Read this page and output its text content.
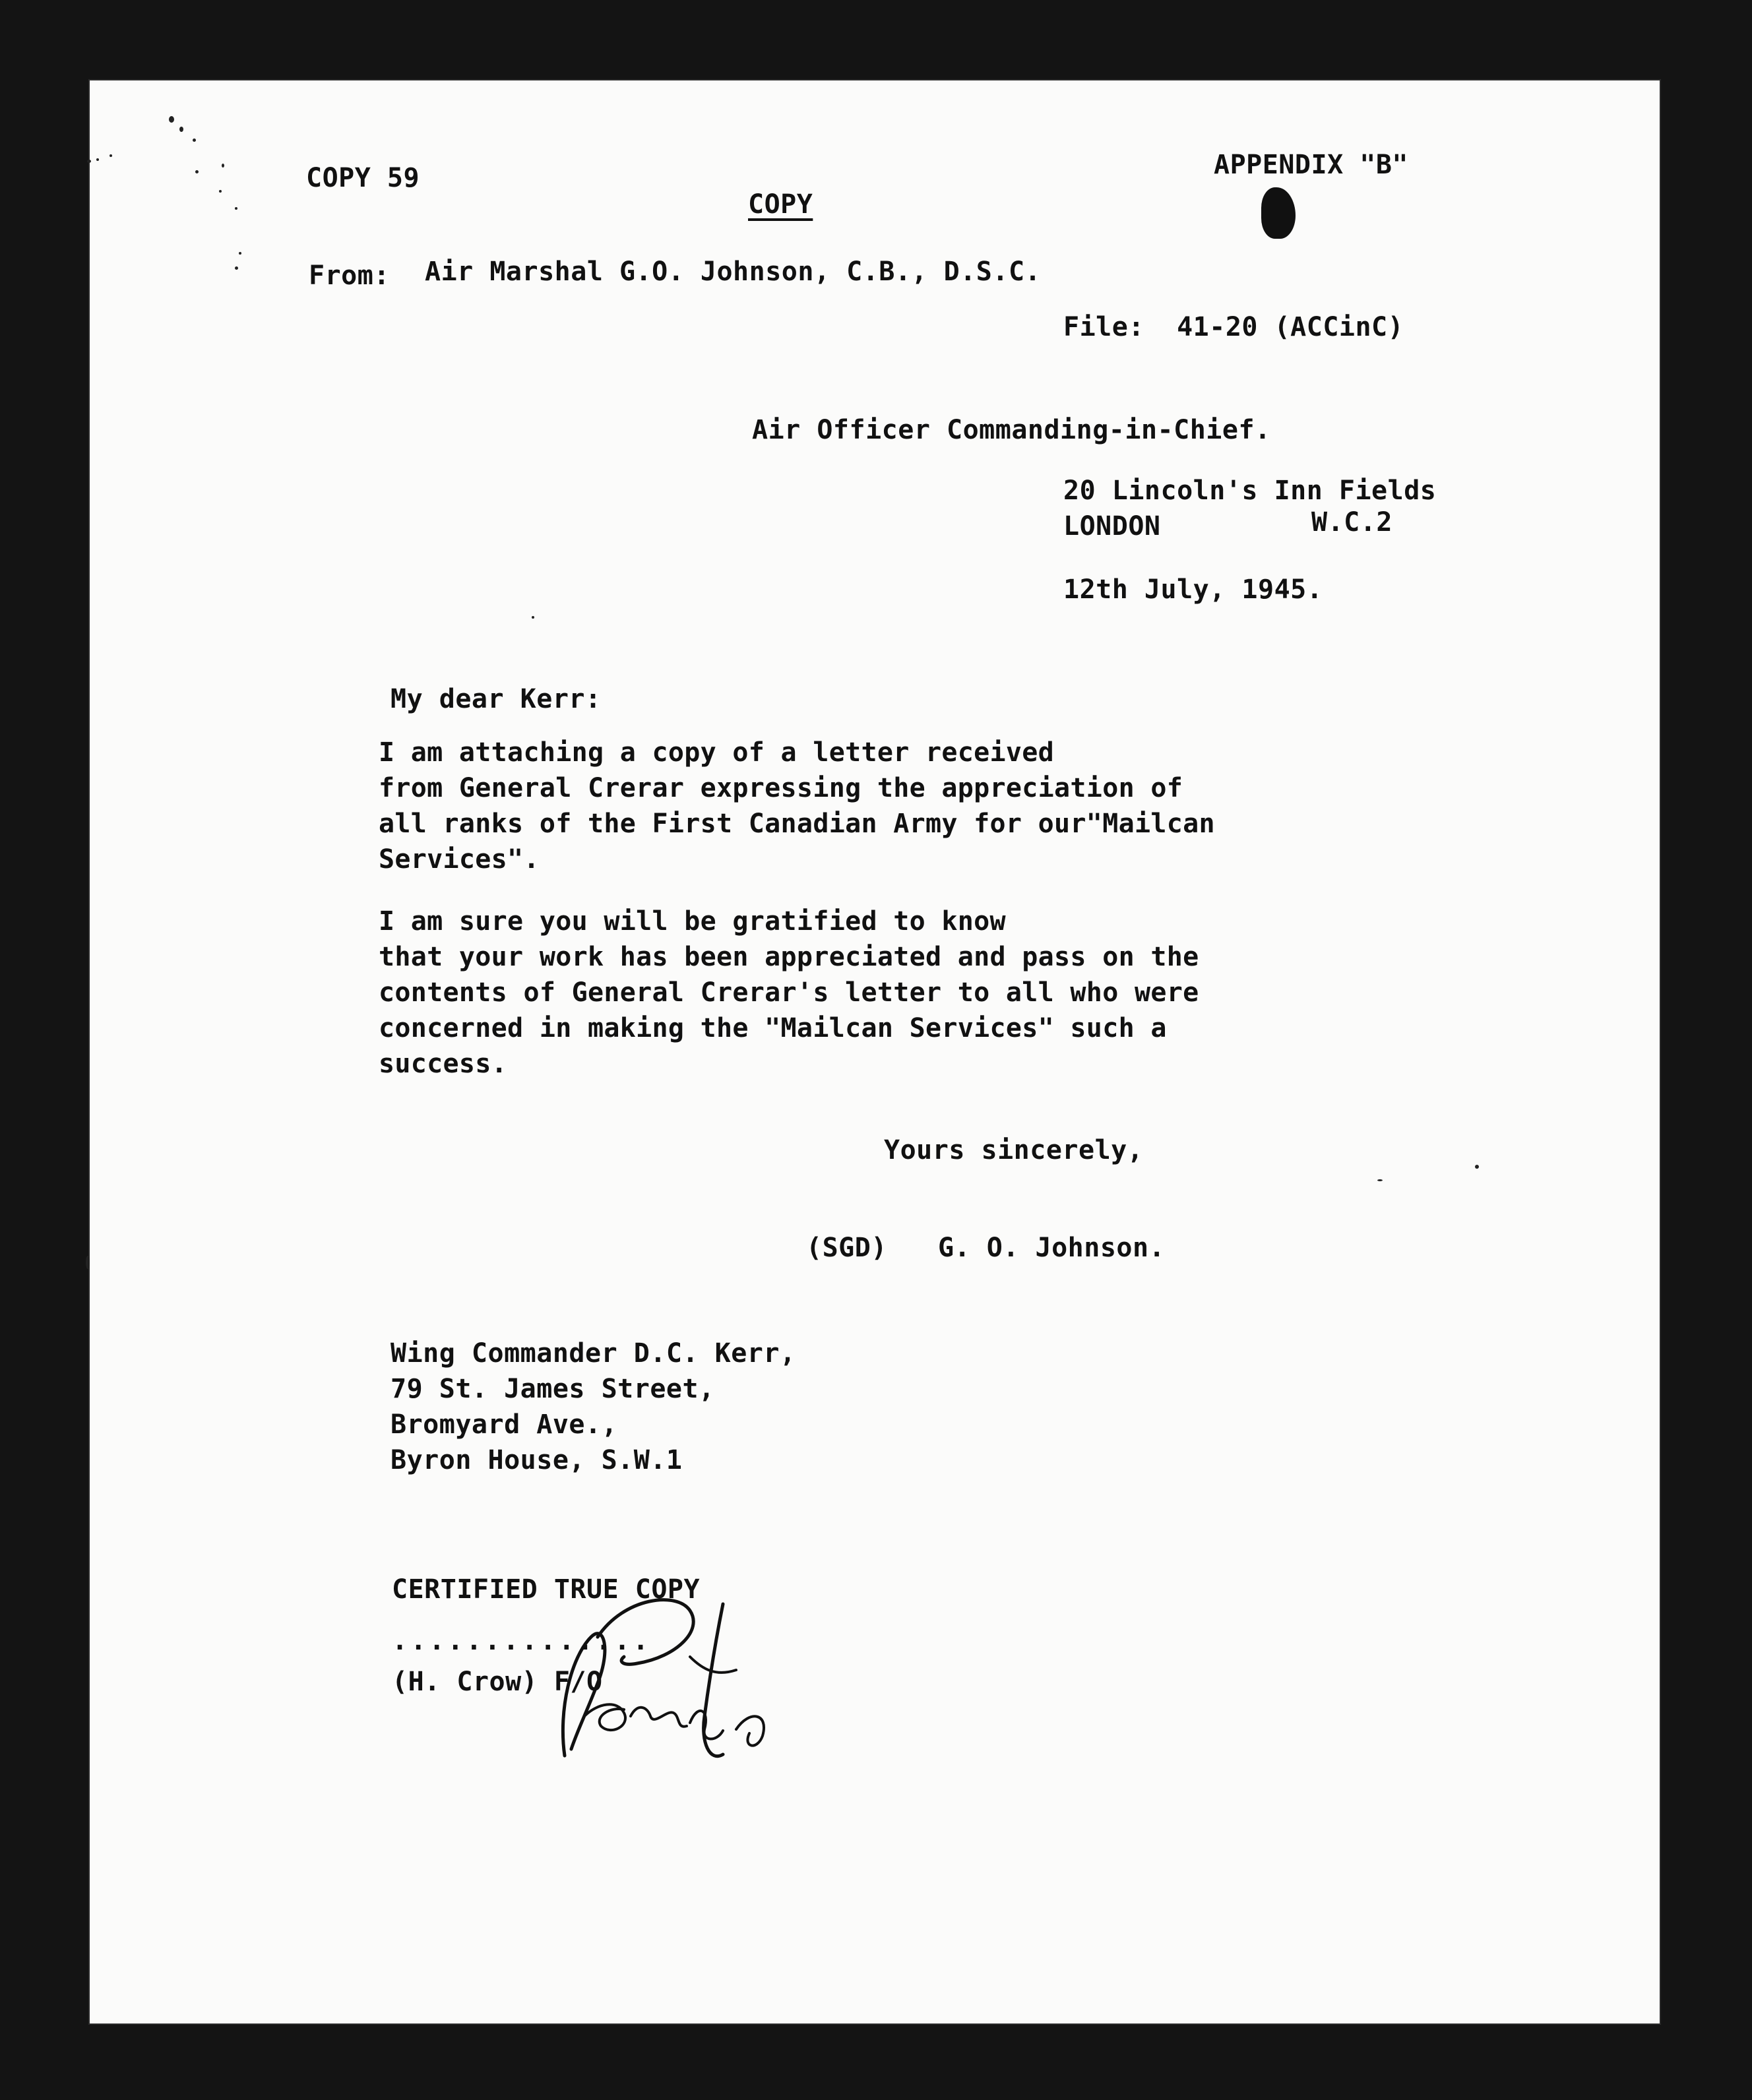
COPY 59	APPENDIX "B"
COPY
From: Air Marshal G.O. Johnson, C.B., D.S.C.
File:  41-20 (ACCinC)
Air Officer Commanding-in-Chief.
20 Lincoln's Inn Fields
LONDON	W.C.2
12th July, 1945.
My dear Kerr:
I am attaching a copy of a letter received
from General Crerar expressing the appreciation of
all ranks of the First Canadian Army for our"Mailcan
Services".
I am sure you will be gratified to know
that your work has been appreciated and pass on the
contents of General Crerar's letter to all who were
concerned in making the "Mailcan Services" such a
success.
Yours sincerely,
(SGD) G. O. Johnson.
Wing Commander D.C. Kerr,
79 St. James Street,
Bromyard Ave.,
Byron House, S.W.1
CERTIFIED TRUE COPY
..............
(H. Crow) F/O
